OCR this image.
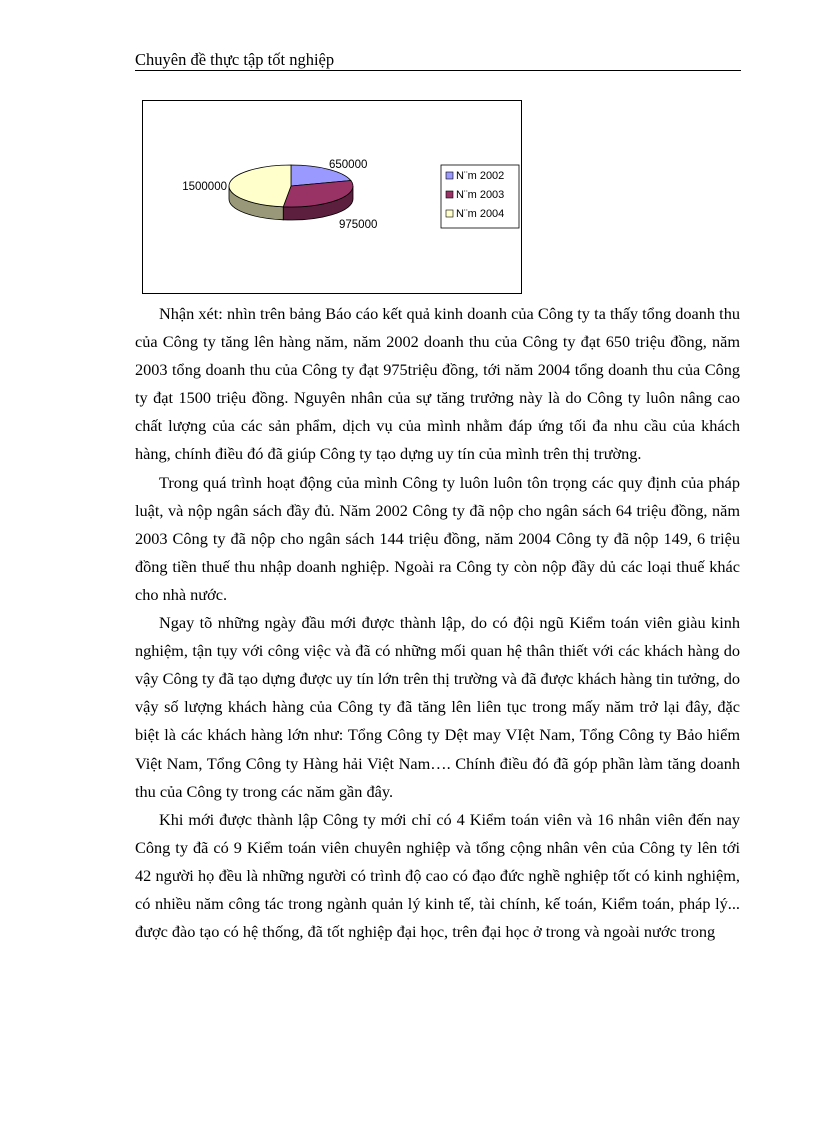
Chuyên đề thực tập tốt nghiệp
650000
975000
1500000
N¨m 2002
N¨m 2003
N¨m 2004

Nhận xét: nhìn trên bảng Báo cáo kết quả kinh doanh của Công ty ta thấy tổng doanh thu của Công ty tăng lên hàng năm, năm 2002 doanh thu của Công ty đạt 650 triệu đồng, năm 2003 tổng doanh thu của Công ty đạt 975triệu đồng, tới năm 2004 tổng doanh thu của Công ty đạt 1500 triệu đồng. Nguyên nhân của sự tăng trưởng này là do Công ty luôn nâng cao chất lượng của các sản phẩm, dịch vụ của mình nhằm đáp ứng tối đa nhu cầu của khách hàng, chính điều đó đã giúp Công ty tạo dựng uy tín của mình trên thị trường.

Trong quá trình hoạt động của mình Công ty luôn luôn tôn trọng các quy định của pháp luật, và nộp ngân sách đầy đủ. Năm 2002 Công ty đã nộp cho ngân sách 64 triệu đồng, năm 2003 Công ty đã nộp cho ngân sách 144 triệu đồng, năm 2004 Công ty đã nộp 149, 6 triệu đồng tiền thuế thu nhập doanh nghiệp. Ngoài ra Công ty còn nộp đầy dủ các loại thuế khác cho nhà nước.

Ngay tõ những ngày đầu mới được thành lập, do có đội ngũ Kiểm toán viên giàu kinh nghiệm, tận tụy với công việc và đã có những mối quan hệ thân thiết với các khách hàng do vậy Công ty đã tạo dựng được uy tín lớn trên thị trường và đã được khách hàng tin tưởng, do vậy số lượng khách hàng của Công ty đã tăng lên liên tục trong mấy năm trở lại đây, đặc biệt là các khách hàng lớn như: Tổng Công ty Dệt may VIệt Nam, Tổng Công ty Bảo hiểm Việt Nam, Tổng Công ty Hàng hải Việt Nam…. Chính điều đó đã góp phần làm tăng doanh thu của Công ty trong các năm gần đây.

Khi mới được thành lập Công ty mới chỉ có 4 Kiểm toán viên và 16 nhân viên đến nay Công ty đã có 9 Kiểm toán viên chuyên nghiệp và tổng cộng nhân vên của Công ty lên tới 42 người họ đều là những người có trình độ cao có đạo đức nghề nghiệp tốt có kinh nghiệm, có nhiều năm công tác trong ngành quản lý kinh tế, tài chính, kế toán, Kiểm toán, pháp lý... được đào tạo có hệ thống, đã tốt nghiệp đại học, trên đại học ở trong và ngoài nước trong
